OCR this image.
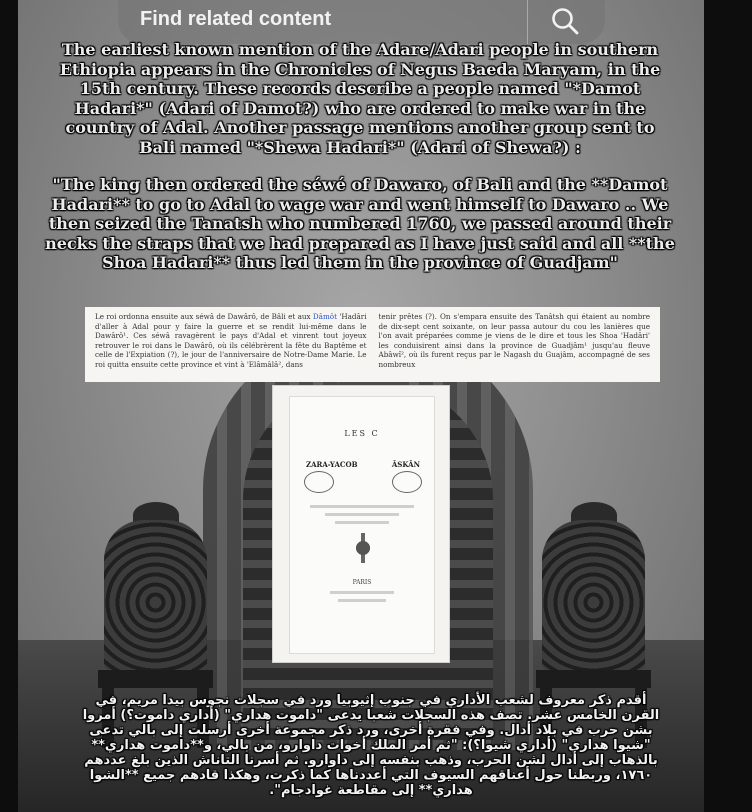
Find related content
The earliest known mention of the Adare/Adari people in southern Ethiopia appears in the Chronicles of Negus Baeda Maryam, in the 15th century. These records describe a people named "*Damot Hadari*" (Adari of Damot?) who are ordered to make war in the country of Adal. Another passage mentions another group sent to Bali named "*Shewa Hadari*" (Adari of Shewa?) :
"The king then ordered the séwé of Dawaro, of Bali and the **Damot Hadari** to go to Adal to wage war and went himself to Dawaro .. We then seized the Tanatsh who numbered 1760, we passed around their necks the straps that we had prepared as I have just said and all **the Shoa Hadari** thus led them in the province of Guadjam"
Le roi ordonna ensuite aux séwâ de Dawârô, de Bâli et aux Dâmôt 'Hadâri d'aller à Adal pour y faire la guerre et se rendit lui-même dans le Dawârô¹. Ces séwâ ravagèrent le pays d'Adal et vinrent tout joyeux retrouver le roi dans le Dawârô, où ils célébrèrent la fête du Baptême et celle de l'Expiation (?), le jour de l'anniversaire de Notre-Dame Marie. Le roi quitta ensuite cette province et vint à 'Elâmâlâ², dans
tenir prêtes (?). On s'empara ensuite des Tanâtsh qui étaient au nombre de dix-sept cent soixante, on leur passa autour du cou les lanières que l'on avait préparées comme je viens de le dire et tous les Shoa 'Hadâri' les conduisirent ainsi dans la province de Guadjâm¹ jusqu'au fleuve Abâwî², où ils furent reçus par le Nagash du Guajâm, accompagné de ses nombreux
LES C
ZARA-YACOB	ÂSKÂN
PARIS
أقدم ذكر معروف لشعب الأداري في جنوب إثيوبيا ورد في سجلات نجوس بيدا مريم، في القرن الخامس عشر. تصف هذه السجلات شعبا يدعى "داموت هداري" (أداري داموت؟) أمروا بشن حرب في بلاد أدال. وفي فقرة أخرى، ورد ذكر مجموعة أخرى أرسلت إلى بالي تدعى "شيوا هداري" (أداري شيوا؟): "ثم أمر الملك أخوات داوارو، من بالي، و**داموت هداري** بالذهاب إلى أدال لشن الحرب، وذهب بنفسه إلى داوارو. ثم أسرنا التاناش الذين بلغ عددهم ١٧٦٠، وربطنا حول أعناقهم السيوف التي أعددناها كما ذكرت، وهكذا قادهم جميع **الشوا هداري** إلى مقاطعة غوادجام".
